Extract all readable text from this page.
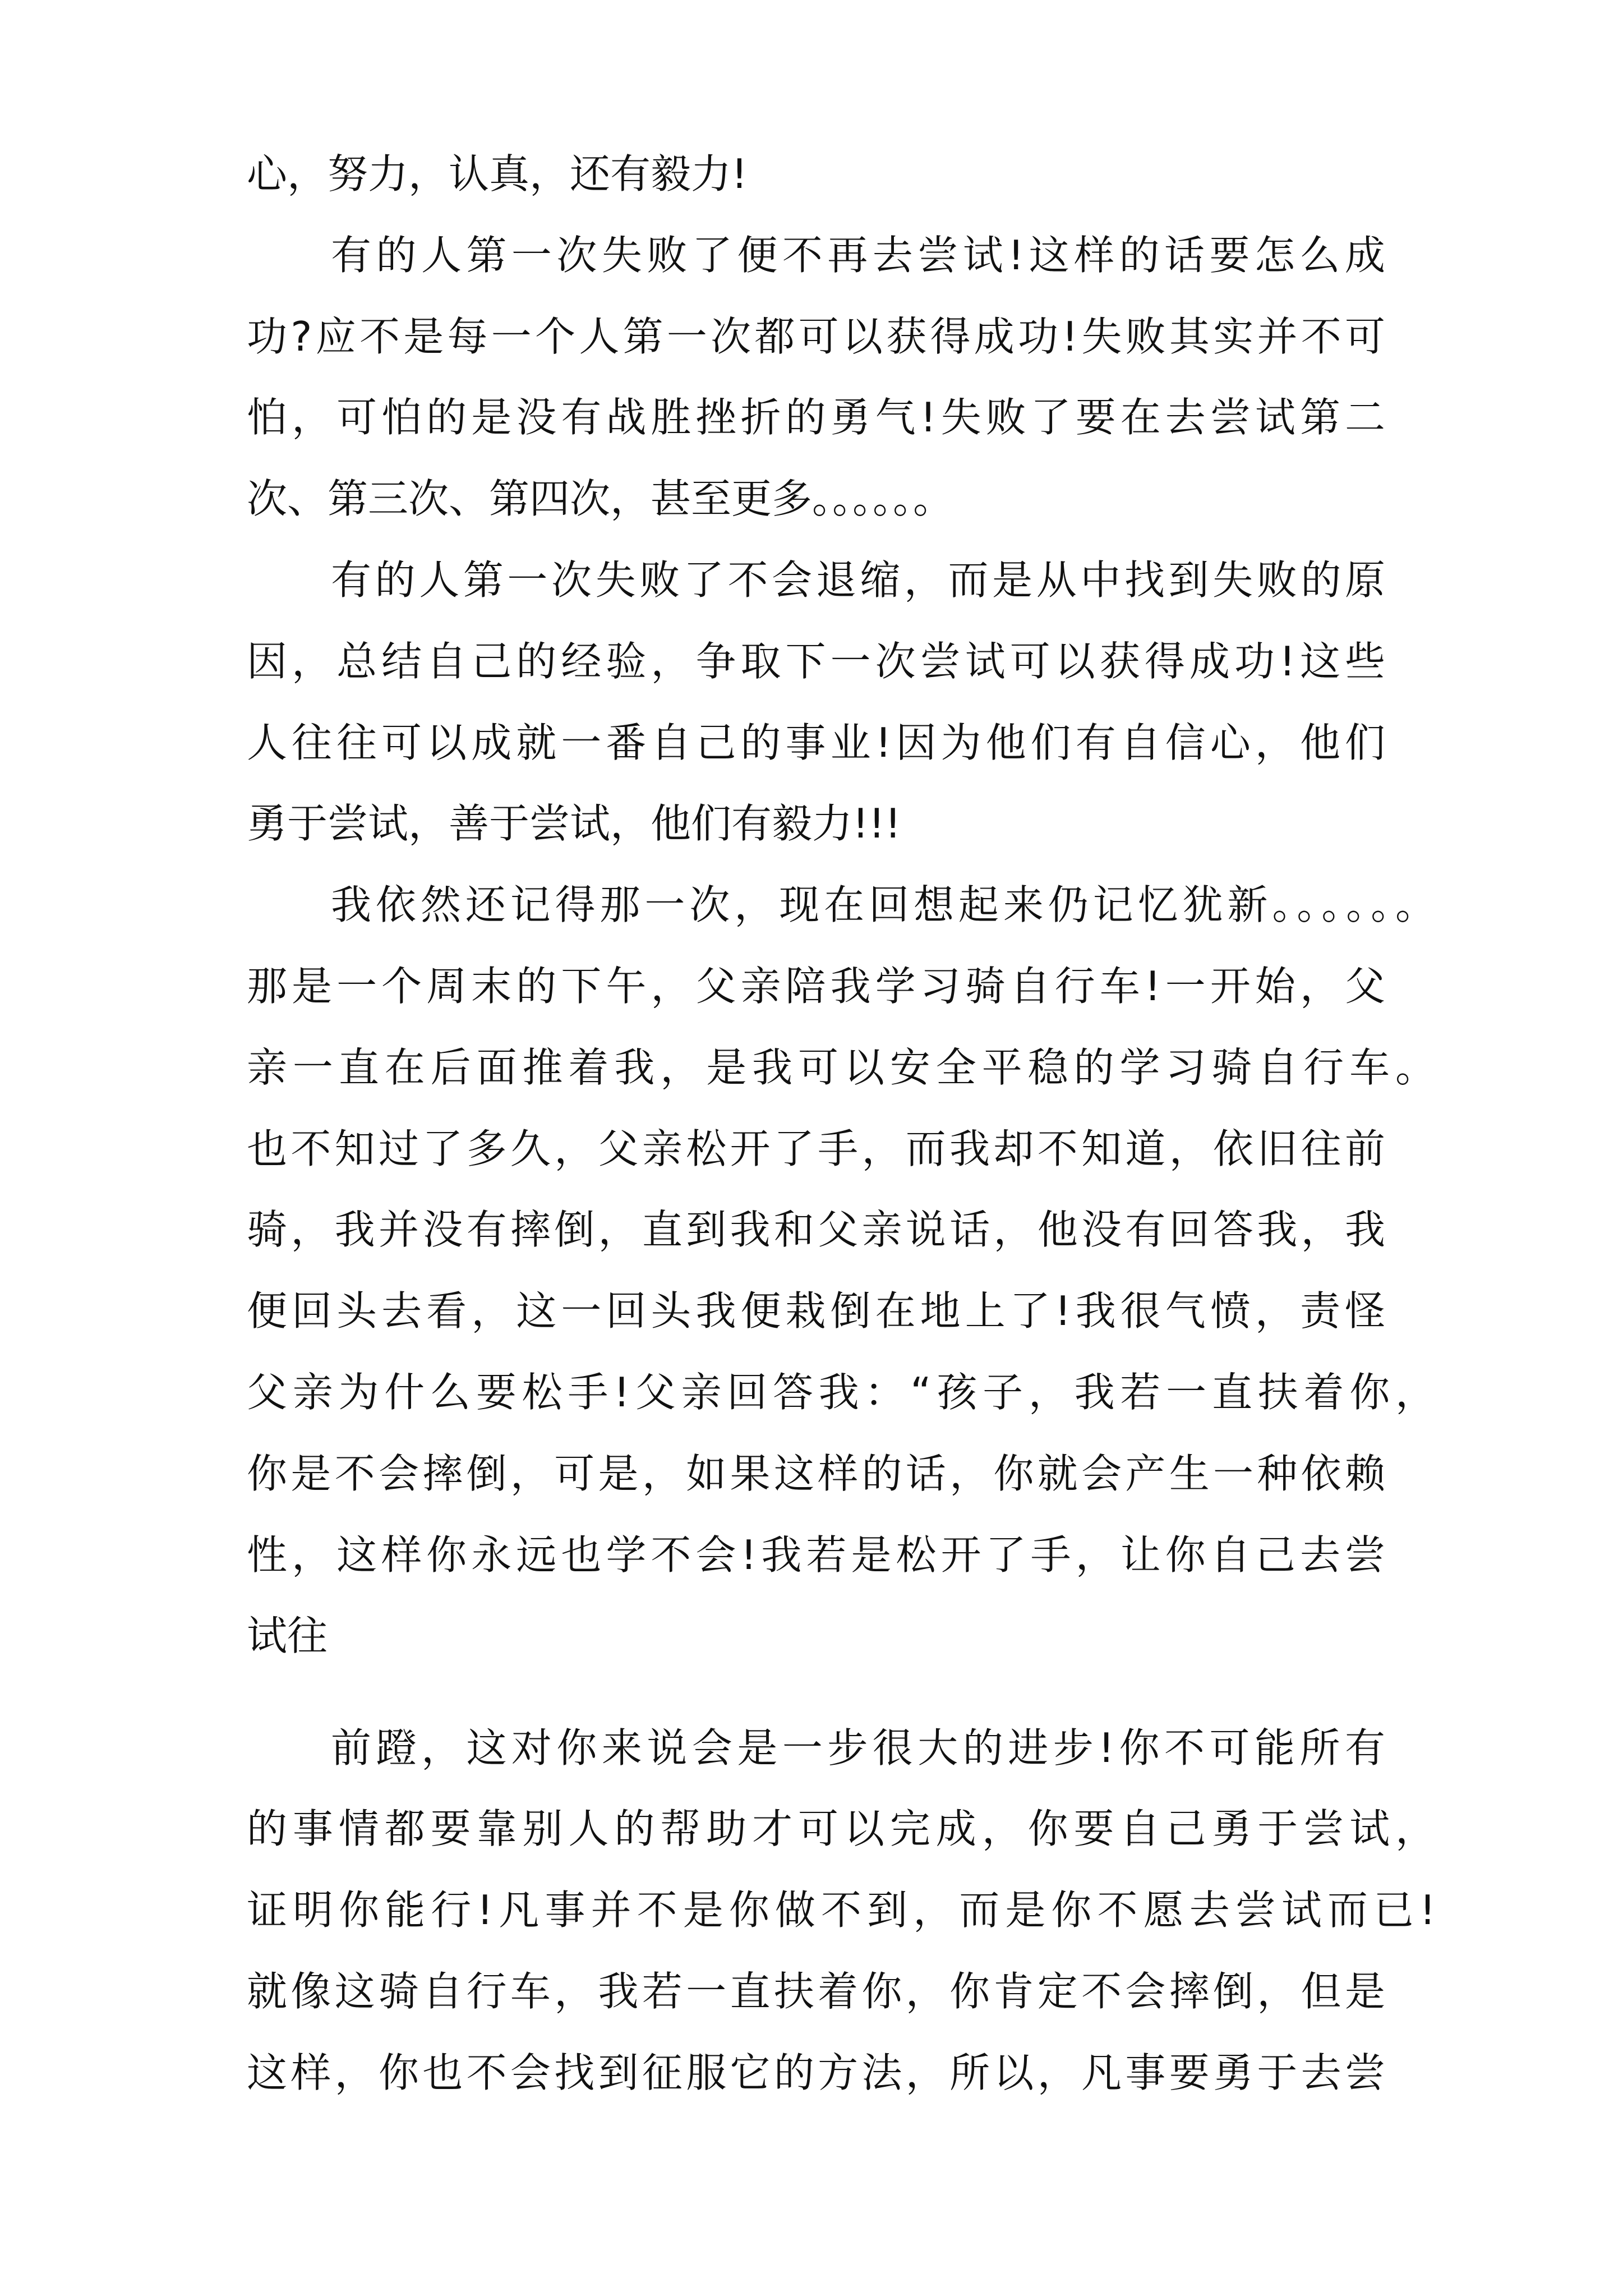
心，努力，认真，还有毅力!
有的人第一次失败了便不再去尝试!这样的话要怎么成
功?应不是每一个人第一次都可以获得成功!失败其实并不可
怕，可怕的是没有战胜挫折的勇气!失败了要在去尝试第二
次、第三次、第四次，甚至更多。。。。。。
有的人第一次失败了不会退缩，而是从中找到失败的原
因，总结自己的经验，争取下一次尝试可以获得成功!这些
人往往可以成就一番自己的事业!因为他们有自信心，他们
勇于尝试，善于尝试，他们有毅力!!!
我依然还记得那一次，现在回想起来仍记忆犹新。。。。。。
那是一个周末的下午，父亲陪我学习骑自行车!一开始，父
亲一直在后面推着我，是我可以安全平稳的学习骑自行车。
也不知过了多久，父亲松开了手，而我却不知道，依旧往前
骑，我并没有摔倒，直到我和父亲说话，他没有回答我，我
便回头去看，这一回头我便栽倒在地上了!我很气愤，责怪
父亲为什么要松手!父亲回答我：“孩子，我若一直扶着你，
你是不会摔倒，可是，如果这样的话，你就会产生一种依赖
性，这样你永远也学不会!我若是松开了手，让你自己去尝
试往
前蹬，这对你来说会是一步很大的进步!你不可能所有
的事情都要靠别人的帮助才可以完成，你要自己勇于尝试，
证明你能行!凡事并不是你做不到，而是你不愿去尝试而已!
就像这骑自行车，我若一直扶着你，你肯定不会摔倒，但是
这样，你也不会找到征服它的方法，所以，凡事要勇于去尝
